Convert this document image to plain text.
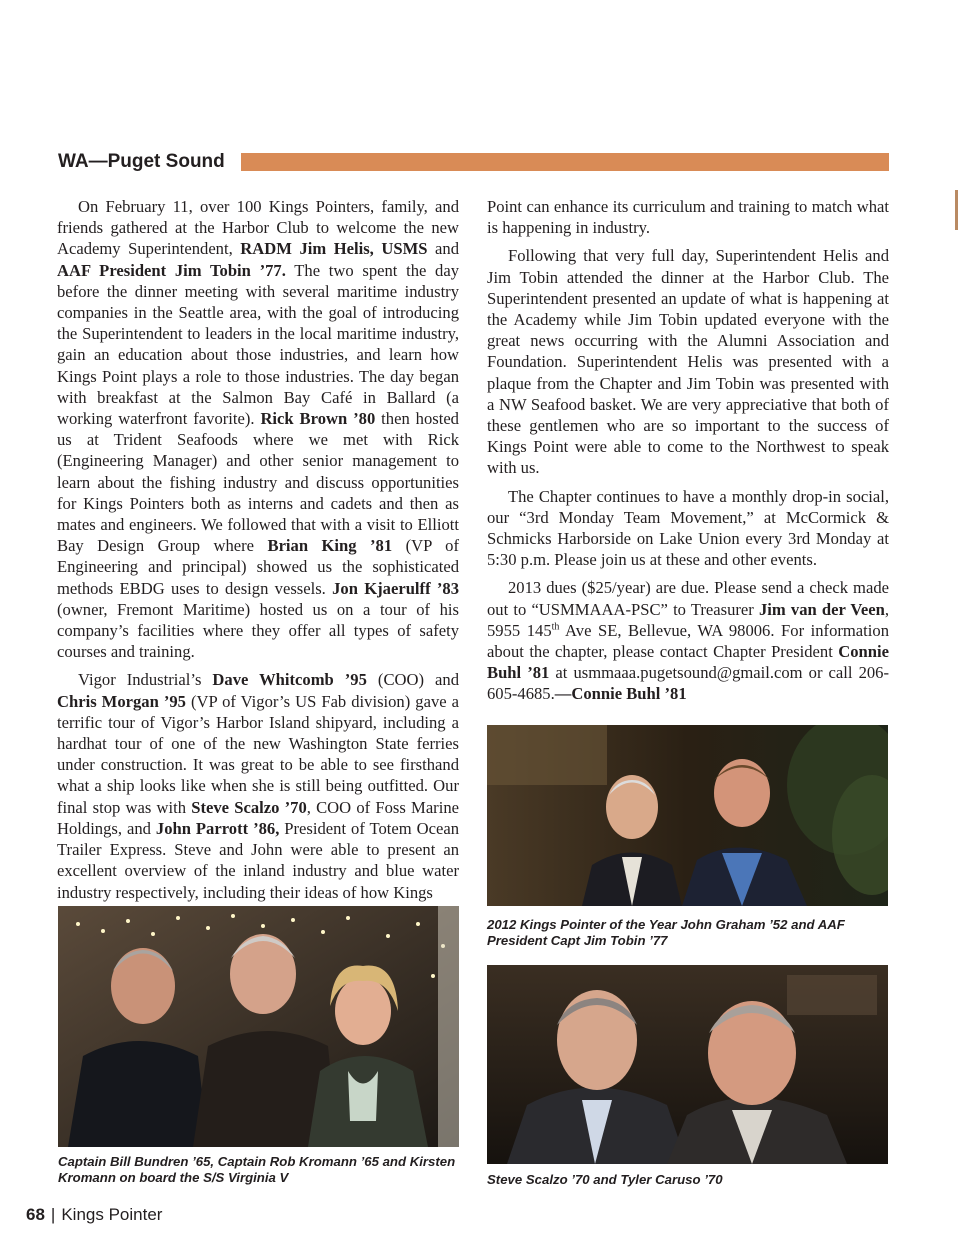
WA—Puget Sound

On February 11, over 100 Kings Pointers, family, and friends gathered at the Harbor Club to welcome the new Academy Superintendent, RADM Jim Helis, USMS and AAF President Jim Tobin ’77. The two spent the day before the dinner meeting with several maritime industry companies in the Seattle area, with the goal of introducing the Superintendent to leaders in the local maritime industry, gain an education about those industries, and learn how Kings Point plays a role to those industries. The day began with breakfast at the Salmon Bay Café in Ballard (a working waterfront favorite). Rick Brown ’80 then hosted us at Trident Seafoods where we met with Rick (Engineering Manager) and other senior management to learn about the fishing industry and discuss opportunities for Kings Pointers both as interns and cadets and then as mates and engineers. We followed that with a visit to Elliott Bay Design Group where Brian King ’81 (VP of Engineering and principal) showed us the sophisticated methods EBDG uses to design vessels. Jon Kjaerulff ’83 (owner, Fremont Maritime) hosted us on a tour of his company’s facilities where they offer all types of safety courses and training.

Vigor Industrial’s Dave Whitcomb ’95 (COO) and Chris Morgan ’95 (VP of Vigor’s US Fab division) gave a terrific tour of Vigor’s Harbor Island shipyard, including a hardhat tour of one of the new Washington State ferries under construction. It was great to be able to see firsthand what a ship looks like when she is still being outfitted. Our final stop was with Steve Scalzo ’70, COO of Foss Marine Holdings, and John Parrott ’86, President of Totem Ocean Trailer Express. Steve and John were able to present an excellent overview of the inland industry and blue water industry respectively, including their ideas of how Kings

Point can enhance its curriculum and training to match what is happening in industry.

Following that very full day, Superintendent Helis and Jim Tobin attended the dinner at the Harbor Club. The Superintendent presented an update of what is happening at the Academy while Jim Tobin updated everyone with the great news occurring with the Alumni Association and Foundation. Superintendent Helis was presented with a plaque from the Chapter and Jim Tobin was presented with a NW Seafood basket. We are very appreciative that both of these gentlemen who are so important to the success of Kings Point were able to come to the Northwest to speak with us.

The Chapter continues to have a monthly drop-in social, our “3rd Monday Team Movement,” at McCormick & Schmicks Harborside on Lake Union every 3rd Monday at 5:30 p.m. Please join us at these and other events.

2013 dues ($25/year) are due. Please send a check made out to “USMMAAA-PSC” to Treasurer Jim van der Veen, 5955 145th Ave SE, Bellevue, WA 98006. For information about the chapter, please contact Chapter President Connie Buhl ’81 at usmmaaa.pugetsound@gmail.com or call 206-605-4685.—Connie Buhl ’81

2012 Kings Pointer of the Year John Graham ’52 and AAF President Capt Jim Tobin ’77
Steve Scalzo ’70 and Tyler Caruso ’70
Captain Bill Bundren ’65, Captain Rob Kromann ’65 and Kirsten Kromann on board the S/S Virginia V
68 | Kings Pointer
